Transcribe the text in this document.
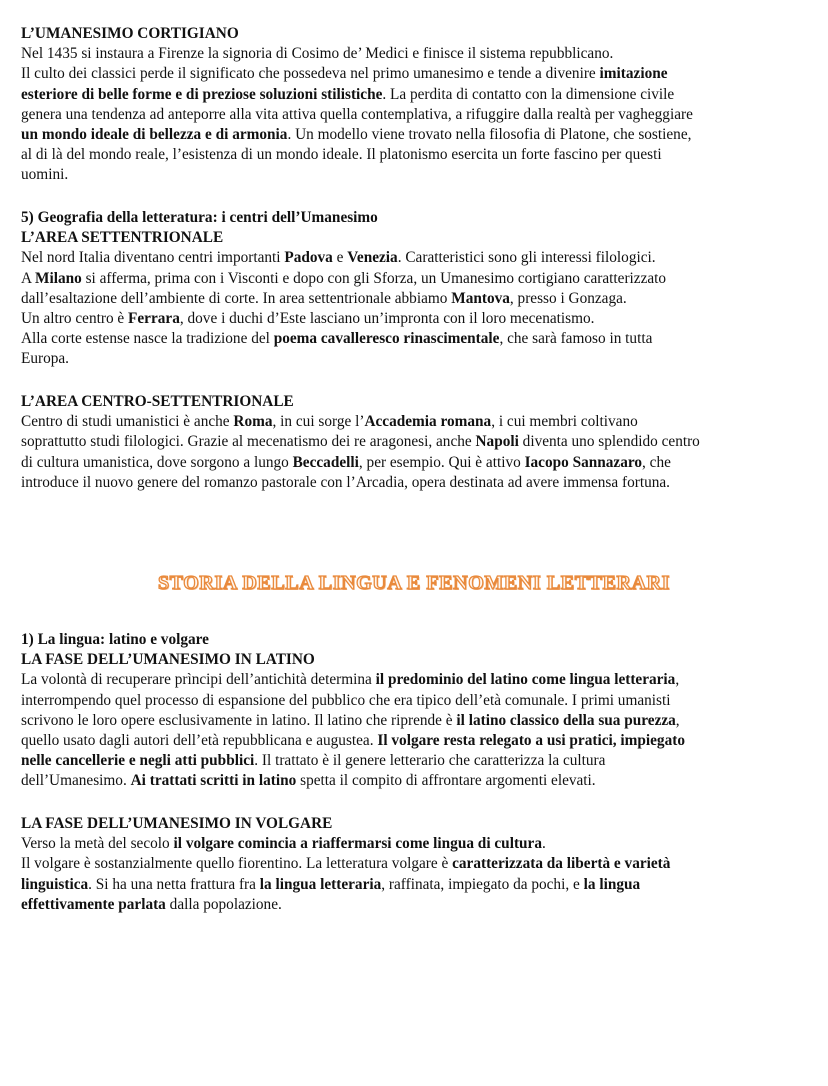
L’UMANESIMO CORTIGIANO
Nel 1435 si instaura a Firenze la signoria di Cosimo de’ Medici e finisce il sistema repubblicano.
Il culto dei classici perde il significato che possedeva nel primo umanesimo e tende a divenire imitazione
esteriore di belle forme e di preziose soluzioni stilistiche. La perdita di contatto con la dimensione civile
genera una tendenza ad anteporre alla vita attiva quella contemplativa, a rifuggire dalla realtà per vagheggiare
un mondo ideale di bellezza e di armonia. Un modello viene trovato nella filosofia di Platone, che sostiene,
al di là del mondo reale, l’esistenza di un mondo ideale. Il platonismo esercita un forte fascino per questi
uomini.
5) Geografia della letteratura: i centri dell’Umanesimo
L’AREA SETTENTRIONALE
Nel nord Italia diventano centri importanti Padova e Venezia. Caratteristici sono gli interessi filologici.
A Milano si afferma, prima con i Visconti e dopo con gli Sforza, un Umanesimo cortigiano caratterizzato
dall’esaltazione dell’ambiente di corte. In area settentrionale abbiamo Mantova, presso i Gonzaga.
Un altro centro è Ferrara, dove i duchi d’Este lasciano un’impronta con il loro mecenatismo.
Alla corte estense nasce la tradizione del poema cavalleresco rinascimentale, che sarà famoso in tutta
Europa.
L’AREA CENTRO-SETTENTRIONALE
Centro di studi umanistici è anche Roma, in cui sorge l’Accademia romana, i cui membri coltivano
soprattutto studi filologici. Grazie al mecenatismo dei re aragonesi, anche Napoli diventa uno splendido centro
di cultura umanistica, dove sorgono a lungo Beccadelli, per esempio. Qui è attivo Iacopo Sannazaro, che
introduce il nuovo genere del romanzo pastorale con l’Arcadia, opera destinata ad avere immensa fortuna.
STORIA DELLA LINGUA E FENOMENI LETTERARI
1) La lingua: latino e volgare
LA FASE DELL’UMANESIMO IN LATINO
La volontà di recuperare prìncipi dell’antichità determina il predominio del latino come lingua letteraria,
interrompendo quel processo di espansione del pubblico che era tipico dell’età comunale. I primi umanisti
scrivono le loro opere esclusivamente in latino. Il latino che riprende è il latino classico della sua purezza,
quello usato dagli autori dell’età repubblicana e augustea. Il volgare resta relegato a usi pratici, impiegato
nelle cancellerie e negli atti pubblici. Il trattato è il genere letterario che caratterizza la cultura
dell’Umanesimo. Ai trattati scritti in latino spetta il compito di affrontare argomenti elevati.
LA FASE DELL’UMANESIMO IN VOLGARE
Verso la metà del secolo il volgare comincia a riaffermarsi come lingua di cultura.
Il volgare è sostanzialmente quello fiorentino. La letteratura volgare è caratterizzata da libertà e varietà
linguistica. Si ha una netta frattura fra la lingua letteraria, raffinata, impiegato da pochi, e la lingua
effettivamente parlata dalla popolazione.
